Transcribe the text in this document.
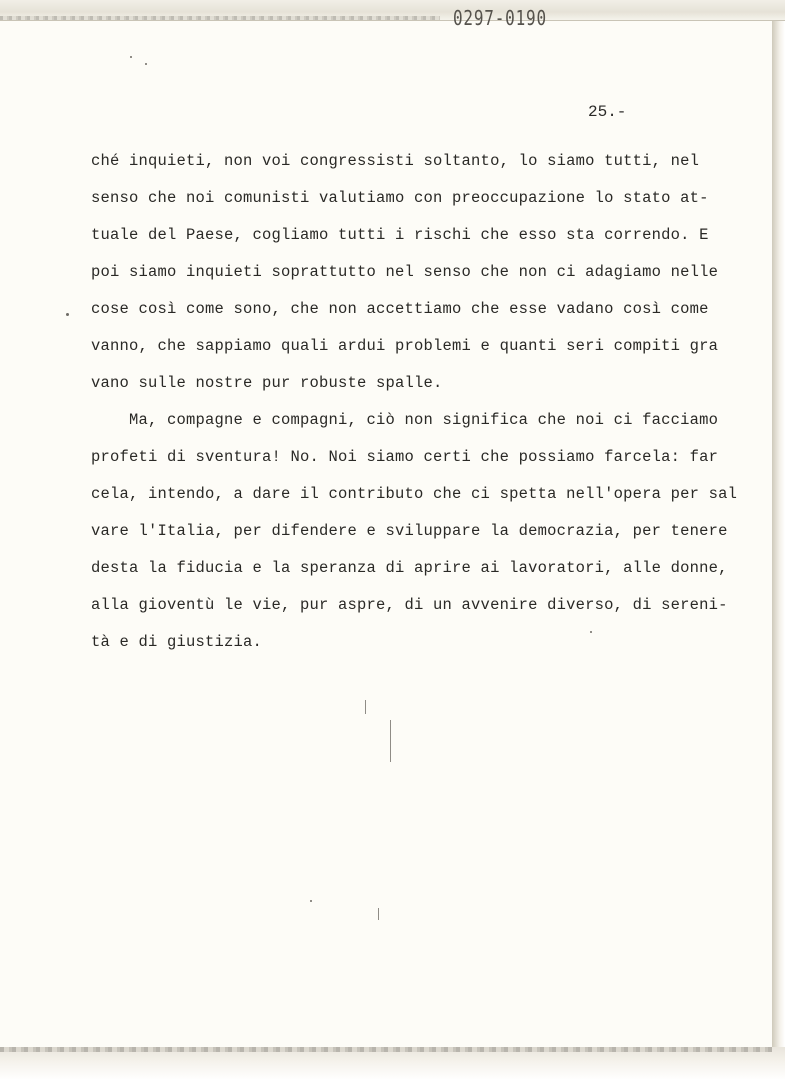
0297-0190
25.-
ché inquieti, non voi congressisti soltanto, lo siamo tutti, nel
senso che noi comunisti valutiamo con preoccupazione lo stato at-
tuale del Paese, cogliamo tutti i rischi che esso sta correndo. E
poi siamo inquieti soprattutto nel senso che non ci adagiamo nelle
cose così come sono, che non accettiamo che esse vadano così come
vanno, che sappiamo quali ardui problemi e quanti seri compiti gra
vano sulle nostre pur robuste spalle.
Ma, compagne e compagni, ciò non significa che noi ci facciamo
profeti di sventura! No. Noi siamo certi che possiamo farcela: far
cela, intendo, a dare il contributo che ci spetta nell'opera per sal
vare l'Italia, per difendere e sviluppare la democrazia, per tenere
desta la fiducia e la speranza di aprire ai lavoratori, alle donne,
alla gioventù le vie, pur aspre, di un avvenire diverso, di sereni-
tà e di giustizia.
